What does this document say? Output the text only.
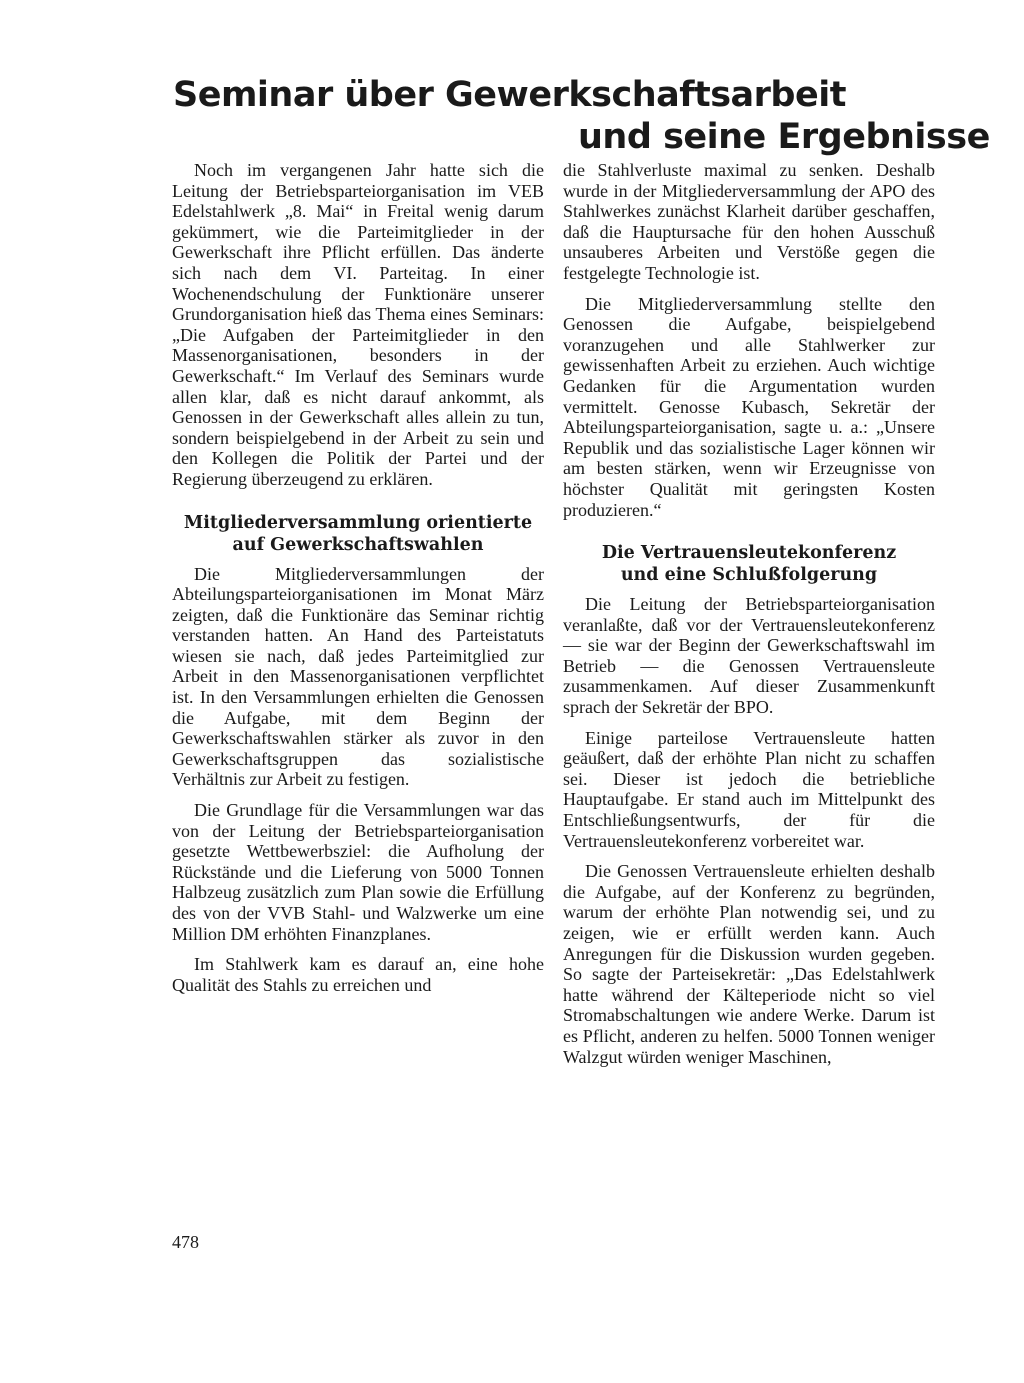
Seminar über Gewerkschaftsarbeit
und seine Ergebnisse

Noch im vergangenen Jahr hatte sich die Leitung der Betriebsparteiorganisation im VEB Edelstahlwerk „8. Mai“ in Freital wenig darum gekümmert, wie die Parteimitglieder in der Gewerkschaft ihre Pflicht erfüllen. Das änderte sich nach dem VI. Parteitag. In einer Wochenendschulung der Funktionäre unserer Grundorganisation hieß das Thema eines Seminars: „Die Aufgaben der Parteimitglieder in den Massenorganisationen, besonders in der Gewerkschaft.“ Im Verlauf des Seminars wurde allen klar, daß es nicht darauf ankommt, als Genossen in der Gewerkschaft alles allein zu tun, sondern beispielgebend in der Arbeit zu sein und den Kollegen die Politik der Partei und der Regierung überzeugend zu erklären.

Mitgliederversammlung orientierte
auf Gewerkschaftswahlen

Die Mitgliederversammlungen der Abteilungsparteiorganisationen im Monat März zeigten, daß die Funktionäre das Seminar richtig verstanden hatten. An Hand des Parteistatuts wiesen sie nach, daß jedes Parteimitglied zur Arbeit in den Massenorganisationen verpflichtet ist. In den Versammlungen erhielten die Genossen die Aufgabe, mit dem Beginn der Gewerkschaftswahlen stärker als zuvor in den Gewerkschaftsgruppen das sozialistische Verhältnis zur Arbeit zu festigen.

Die Grundlage für die Versammlungen war das von der Leitung der Betriebsparteiorganisation gesetzte Wettbewerbsziel: die Aufholung der Rückstände und die Lieferung von 5000 Tonnen Halbzeug zusätzlich zum Plan sowie die Erfüllung des von der VVB Stahl- und Walzwerke um eine Million DM erhöhten Finanzplanes.

Im Stahlwerk kam es darauf an, eine hohe Qualität des Stahls zu erreichen und

die Stahlverluste maximal zu senken. Deshalb wurde in der Mitgliederversammlung der APO des Stahlwerkes zunächst Klarheit darüber geschaffen, daß die Hauptursache für den hohen Ausschuß unsauberes Arbeiten und Verstöße gegen die festgelegte Technologie ist.

Die Mitgliederversammlung stellte den Genossen die Aufgabe, beispielgebend voranzugehen und alle Stahlwerker zur gewissenhaften Arbeit zu erziehen. Auch wichtige Gedanken für die Argumentation wurden vermittelt. Genosse Kubasch, Sekretär der Abteilungsparteiorganisation, sagte u. a.: „Unsere Republik und das sozialistische Lager können wir am besten stärken, wenn wir Erzeugnisse von höchster Qualität mit geringsten Kosten produzieren.“

Die Vertrauensleutekonferenz
und eine Schlußfolgerung

Die Leitung der Betriebsparteiorganisation veranlaßte, daß vor der Vertrauensleutekonferenz — sie war der Beginn der Gewerkschaftswahl im Betrieb — die Genossen Vertrauensleute zusammenkamen. Auf dieser Zusammenkunft sprach der Sekretär der BPO.

Einige parteilose Vertrauensleute hatten geäußert, daß der erhöhte Plan nicht zu schaffen sei. Dieser ist jedoch die betriebliche Hauptaufgabe. Er stand auch im Mittelpunkt des Entschließungsentwurfs, der für die Vertrauensleutekonferenz vorbereitet war.

Die Genossen Vertrauensleute erhielten deshalb die Aufgabe, auf der Konferenz zu begründen, warum der erhöhte Plan notwendig sei, und zu zeigen, wie er erfüllt werden kann. Auch Anregungen für die Diskussion wurden gegeben. So sagte der Parteisekretär: „Das Edelstahlwerk hatte während der Kälteperiode nicht so viel Stromabschaltungen wie andere Werke. Darum ist es Pflicht, anderen zu helfen. 5000 Tonnen weniger Walzgut würden weniger Maschinen,

478
